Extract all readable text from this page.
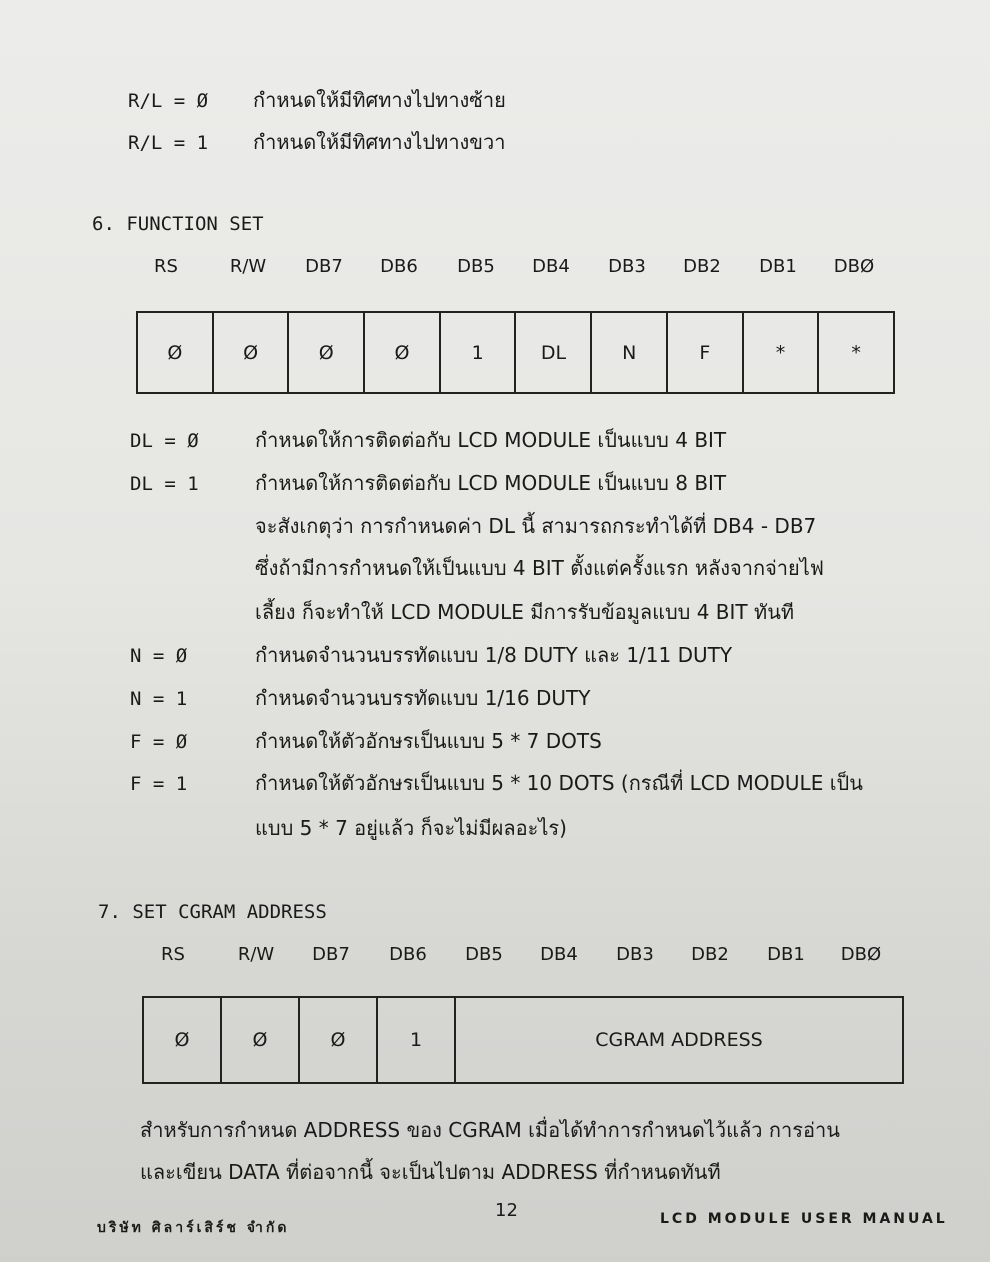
R/L = Ø กำหนดให้มีทิศทางไปทางซ้าย
R/L = 1 กำหนดให้มีทิศทางไปทางขวา
6. FUNCTION SET
RS	R/W	DB7	DB6	DB5	DB4	DB3	DB2	DB1	DBØ
Ø	Ø	Ø	Ø	1	DL	N	F	*	*
DL = Ø	กำหนดให้การติดต่อกับ LCD MODULE เป็นแบบ 4 BIT
DL = 1	กำหนดให้การติดต่อกับ LCD MODULE เป็นแบบ 8 BIT
จะสังเกตุว่า การกำหนดค่า DL นี้ สามารถกระทำได้ที่ DB4 - DB7
ซึ่งถ้ามีการกำหนดให้เป็นแบบ 4 BIT ตั้งแต่ครั้งแรก หลังจากจ่ายไฟ
เลี้ยง ก็จะทำให้ LCD MODULE มีการรับข้อมูลแบบ 4 BIT ทันที
N = Ø	กำหนดจำนวนบรรทัดแบบ 1/8 DUTY และ 1/11 DUTY
N = 1	กำหนดจำนวนบรรทัดแบบ 1/16 DUTY
F = Ø	กำหนดให้ตัวอักษรเป็นแบบ 5 * 7 DOTS
F = 1	กำหนดให้ตัวอักษรเป็นแบบ 5 * 10 DOTS (กรณีที่ LCD MODULE เป็น
แบบ 5 * 7 อยู่แล้ว ก็จะไม่มีผลอะไร)
7. SET CGRAM ADDRESS
RS	R/W	DB7	DB6	DB5	DB4	DB3	DB2	DB1	DBØ
Ø	Ø	Ø	1	CGRAM ADDRESS
สำหรับการกำหนด ADDRESS ของ CGRAM เมื่อได้ทำการกำหนดไว้แล้ว การอ่าน
และเขียน DATA ที่ต่อจากนี้ จะเป็นไปตาม ADDRESS ที่กำหนดทันที
บริษัท ศิลาร์เสิร์ช จำกัด
12	LCD MODULE USER MANUAL
